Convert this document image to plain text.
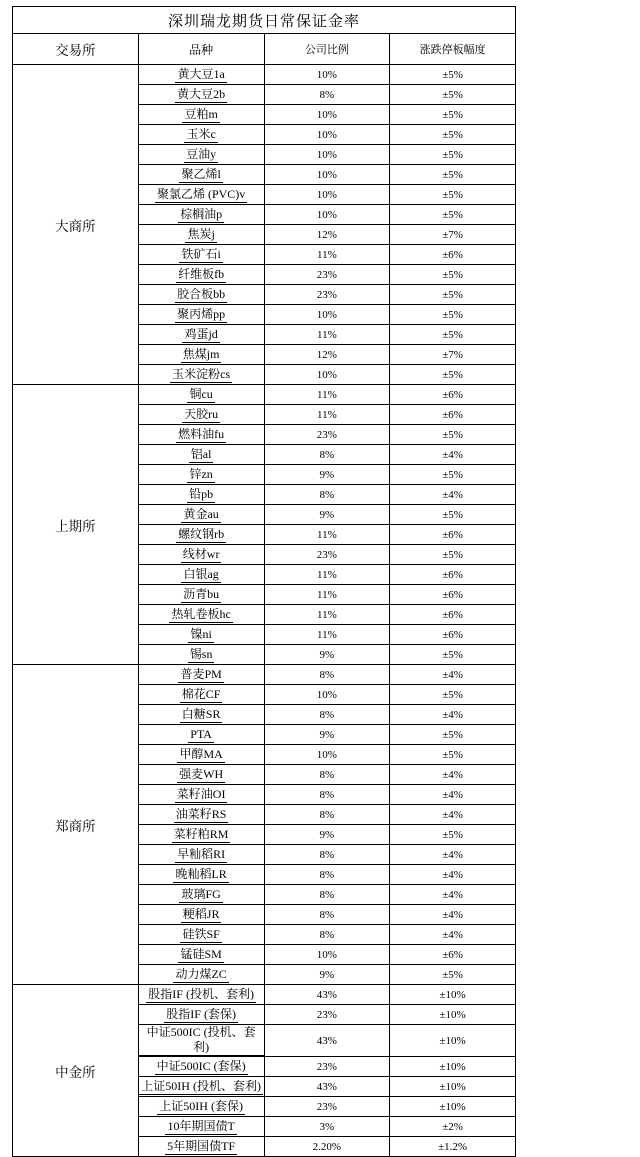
深圳瑞龙期货日常保证金率			
交易所	品种	公司比例	涨跌停板幅度
大商所	黄大豆1a	10%	±5%
	黄大豆2b	8%	±5%
	豆粕m	10%	±5%
	玉米c	10%	±5%
	豆油y	10%	±5%
	聚乙烯l	10%	±5%
	聚氯乙烯 (PVC)v	10%	±5%
	棕榈油p	10%	±5%
	焦炭j	12%	±7%
	铁矿石i	11%	±6%
	纤维板fb	23%	±5%
	胶合板bb	23%	±5%
	聚丙烯pp	10%	±5%
	鸡蛋jd	11%	±5%
	焦煤jm	12%	±7%
	玉米淀粉cs	10%	±5%
上期所	铜cu	11%	±6%
	天胶ru	11%	±6%
	燃料油fu	23%	±5%
	铝al	8%	±4%
	锌zn	9%	±5%
	铅pb	8%	±4%
	黄金au	9%	±5%
	螺纹钢rb	11%	±6%
	线材wr	23%	±5%
	白银ag	11%	±6%
	沥青bu	11%	±6%
	热轧卷板hc	11%	±6%
	镍ni	11%	±6%
	锡sn	9%	±5%
郑商所	普麦PM	8%	±4%
	棉花CF	10%	±5%
	白糖SR	8%	±4%
	PTA	9%	±5%
	甲醇MA	10%	±5%
	强麦WH	8%	±4%
	菜籽油OI	8%	±4%
	油菜籽RS	8%	±4%
	菜籽粕RM	9%	±5%
	早籼稻RI	8%	±4%
	晚籼稻LR	8%	±4%
	玻璃FG	8%	±4%
	粳稻JR	8%	±4%
	硅铁SF	8%	±4%
	锰硅SM	10%	±6%
	动力煤ZC	9%	±5%
中金所	股指IF (投机、套利)	43%	±10%
	股指IF (套保)	23%	±10%
	中证500IC (投机、套利)	43%	±10%
	中证500IC (套保)	23%	±10%
	上证50IH (投机、套利)	43%	±10%
	上证50IH (套保)	23%	±10%
	10年期国债T	3%	±2%
	5年期国债TF	2.20%	±1.2%
